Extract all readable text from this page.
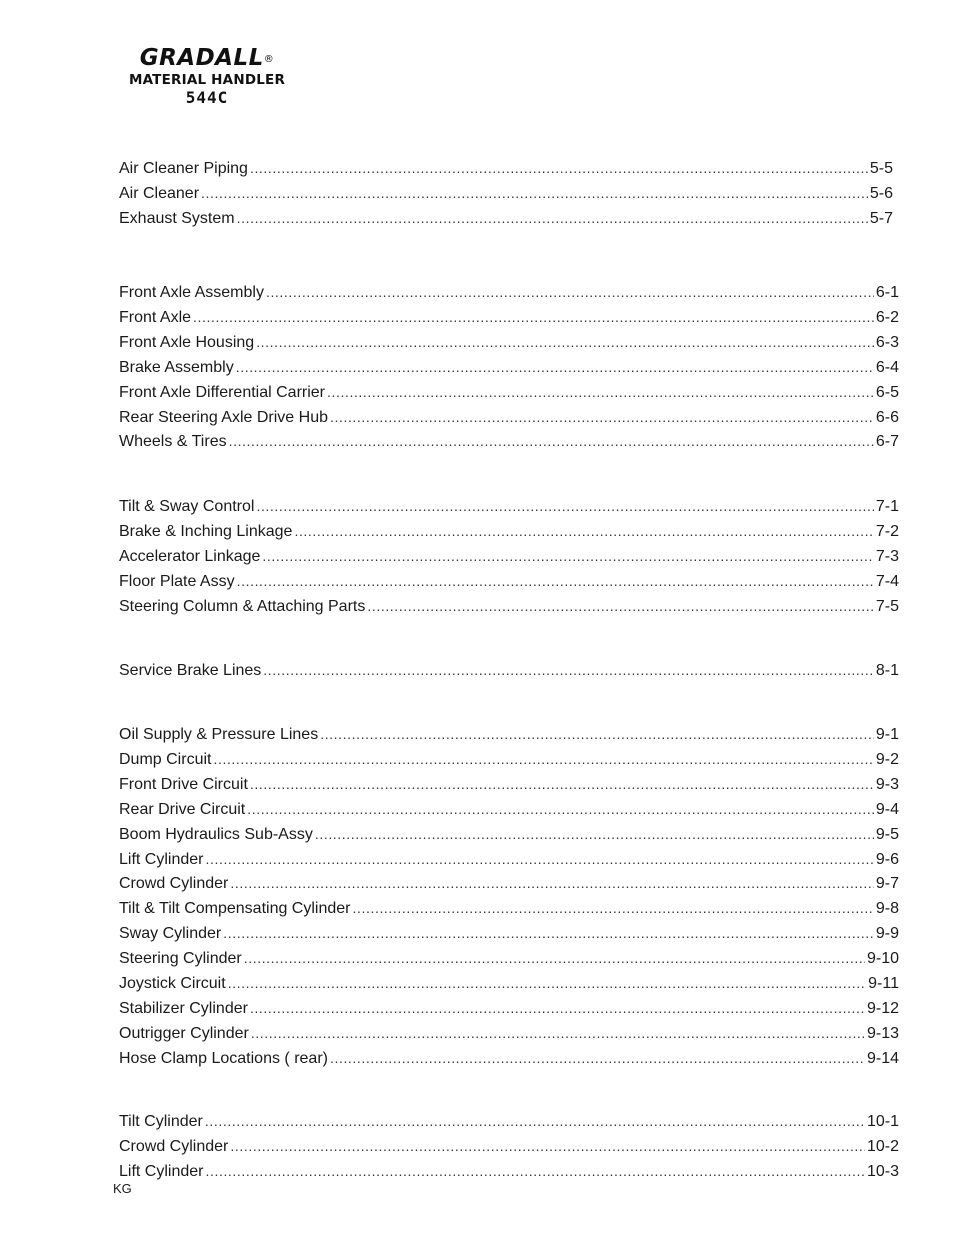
GRADALL®
MATERIAL HANDLER
544C
Air Cleaner Piping .....	5-5
Air Cleaner .....	5-6
Exhaust System .....	5-7
Front Axle Assembly .....	6-1
Front Axle .....	6-2
Front Axle Housing .....	6-3
Brake Assembly .....	6-4
Front Axle Differential Carrier .....	6-5
Rear Steering Axle Drive Hub .....	6-6
Wheels & Tires .....	6-7
Tilt & Sway Control .....	7-1
Brake & Inching Linkage .....	7-2
Accelerator Linkage .....	7-3
Floor Plate Assy .....	7-4
Steering Column & Attaching Parts .....	7-5
Service Brake Lines .....	8-1
Oil Supply & Pressure Lines .....	9-1
Dump Circuit .....	9-2
Front Drive Circuit .....	9-3
Rear Drive Circuit .....	9-4
Boom Hydraulics Sub-Assy .....	9-5
Lift Cylinder .....	9-6
Crowd Cylinder .....	9-7
Tilt & Tilt Compensating Cylinder .....	9-8
Sway Cylinder .....	9-9
Steering Cylinder .....	9-10
Joystick Circuit .....	9-11
Stabilizer Cylinder .....	9-12
Outrigger Cylinder .....	9-13
Hose Clamp Locations ( rear) .....	9-14
Tilt Cylinder .....	10-1
Crowd Cylinder .....	10-2
Lift Cylinder .....	10-3
KG
